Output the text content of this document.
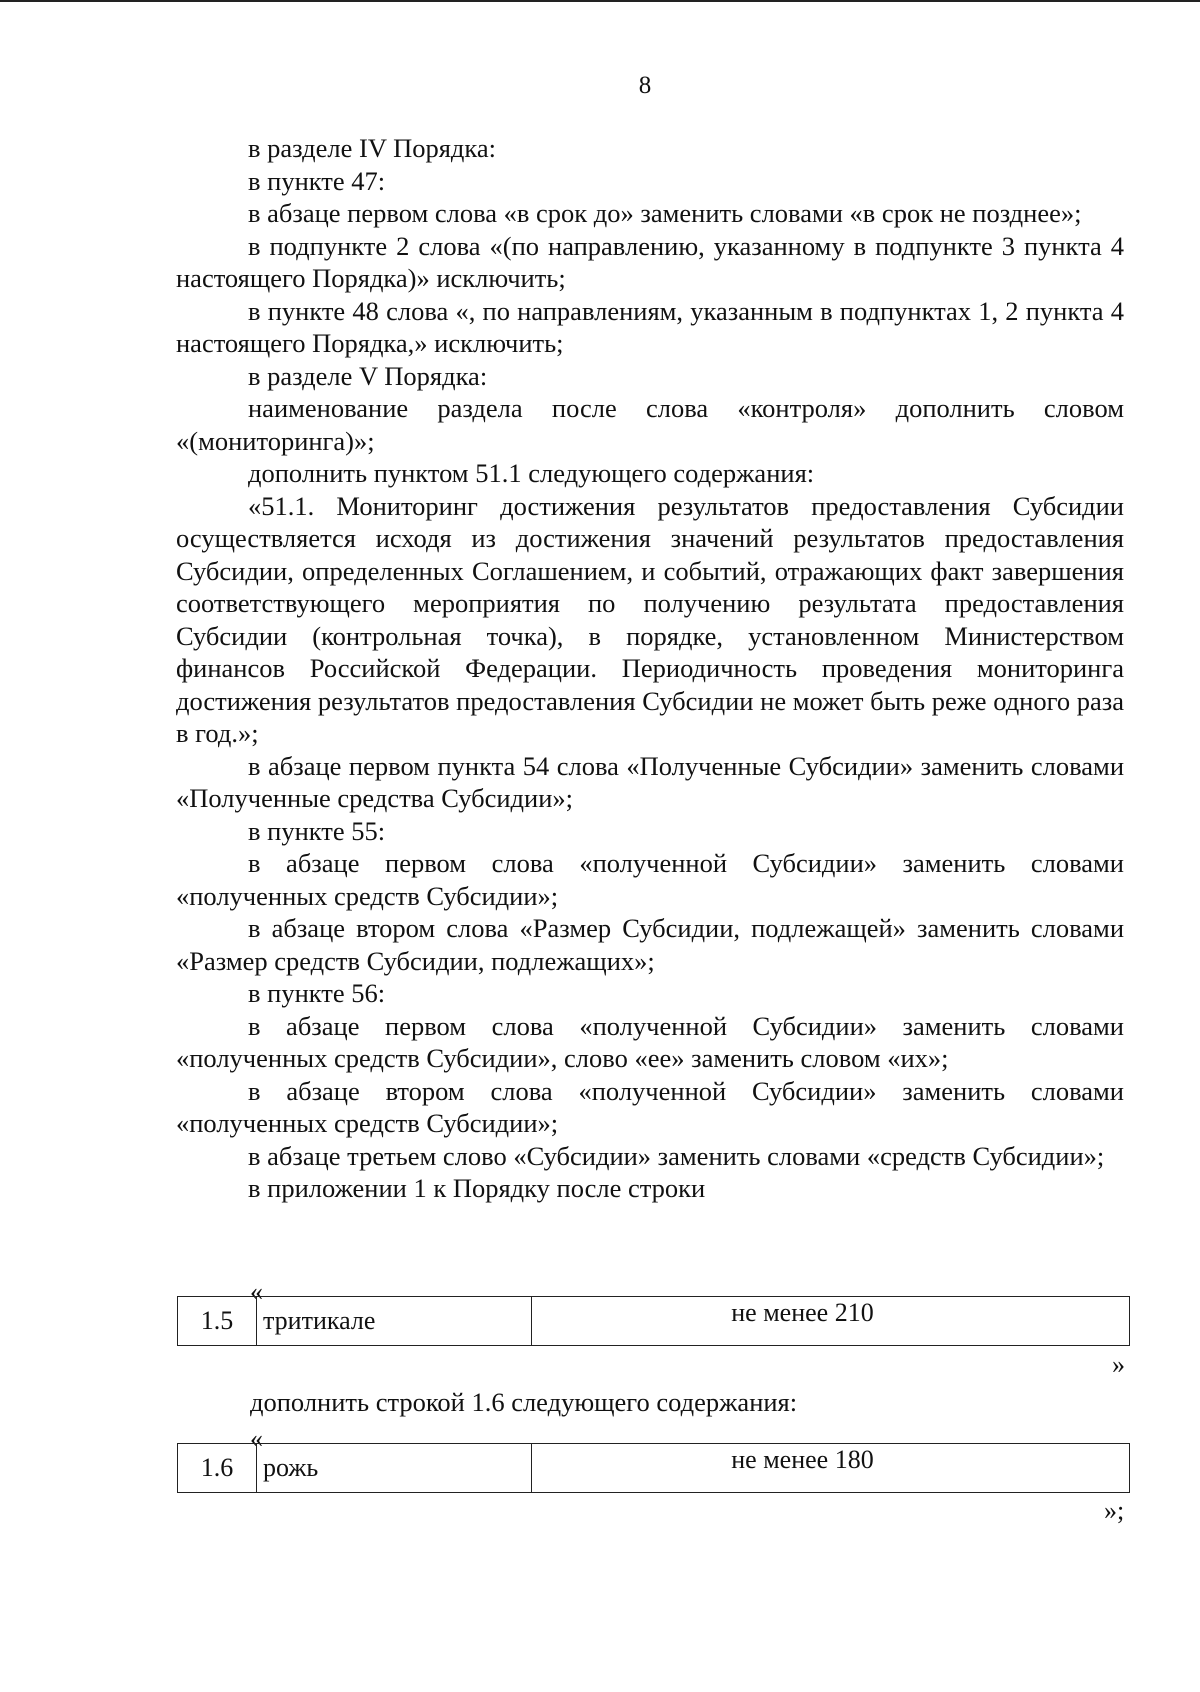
8

в разделе IV Порядка:

в пункте 47:

в абзаце первом слова «в срок до» заменить словами «в срок не позднее»;

в подпункте 2 слова «(по направлению, указанному в подпункте 3 пункта 4 настоящего Порядка)» исключить;

в пункте 48 слова «, по направлениям, указанным в подпунктах 1, 2 пункта 4 настоящего Порядка,» исключить;

в разделе V Порядка:

наименование раздела после слова «контроля» дополнить словом «(мониторинга)»;

дополнить пунктом 51.1 следующего содержания:

«51.1. Мониторинг достижения результатов предоставления Субсидии осуществляется исходя из достижения значений результатов предоставления Субсидии, определенных Соглашением, и событий, отражающих факт завершения соответствующего мероприятия по получению результата предоставления Субсидии (контрольная точка), в порядке, установленном Министерством финансов Российской Федерации. Периодичность проведения мониторинга достижения результатов предоставления Субсидии не может быть реже одного раза в год.»;

в абзаце первом пункта 54 слова «Полученные Субсидии» заменить словами «Полученные средства Субсидии»;

в пункте 55:

в абзаце первом слова «полученной Субсидии» заменить словами «полученных средств Субсидии»;

в абзаце втором слова «Размер Субсидии, подлежащей» заменить словами «Размер средств Субсидии, подлежащих»;

в пункте 56:

в абзаце первом слова «полученной Субсидии» заменить словами «полученных средств Субсидии», слово «ее» заменить словом «их»;

в абзаце втором слова «полученной Субсидии» заменить словами «полученных средств Субсидии»;

в абзаце третьем слово «Субсидии» заменить словами «средств Субсидии»;

в приложении 1 к Порядку после строки

«
1.5	тритикале	не менее 210
»
дополнить строкой 1.6 следующего содержания:
«
1.6	рожь	не менее 180
»;
